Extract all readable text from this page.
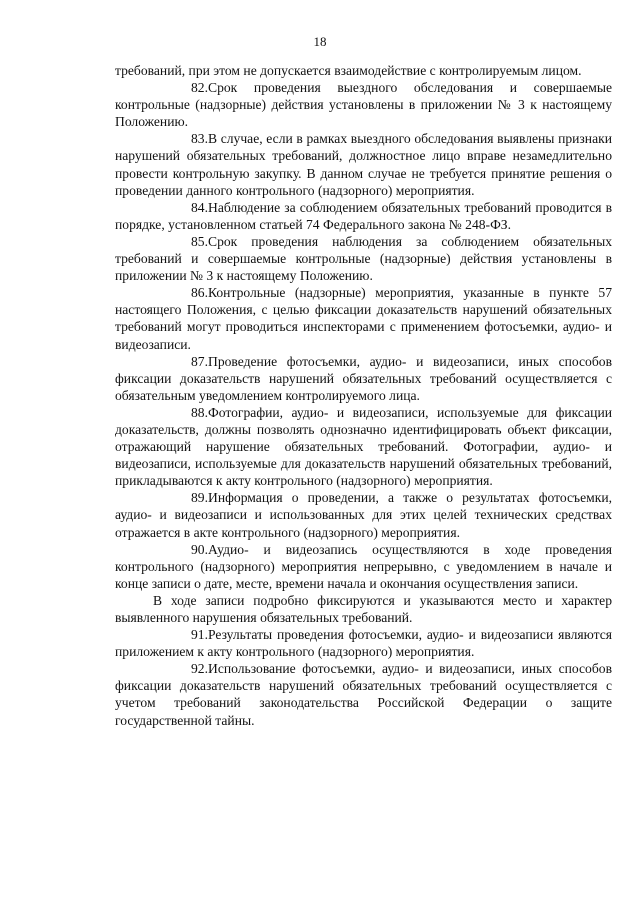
18

требований, при этом не допускается взаимодействие с контролируемым лицом.

82.Срок проведения выездного обследования и совершаемые контрольные (надзорные) действия установлены в приложении № 3 к настоящему Положению.

83.В случае, если в рамках выездного обследования выявлены признаки нарушений обязательных требований, должностное лицо вправе незамедлительно провести контрольную закупку. В данном случае не требуется принятие решения о проведении данного контрольного (надзорного) мероприятия.

84.Наблюдение за соблюдением обязательных требований проводится в порядке, установленном статьей 74 Федерального закона № 248-ФЗ.

85.Срок проведения наблюдения за соблюдением обязательных требований и совершаемые контрольные (надзорные) действия установлены в приложении № 3 к настоящему Положению.

86.Контрольные (надзорные) мероприятия, указанные в пункте 57 настоящего Положения, с целью фиксации доказательств нарушений обязательных требований могут проводиться инспекторами с применением фотосъемки, аудио- и видеозаписи.

87.Проведение фотосъемки, аудио- и видеозаписи, иных способов фиксации доказательств нарушений обязательных требований осуществляется с обязательным уведомлением контролируемого лица.

88.Фотографии, аудио- и видеозаписи, используемые для фиксации доказательств, должны позволять однозначно идентифицировать объект фиксации, отражающий нарушение обязательных требований. Фотографии, аудио- и видеозаписи, используемые для доказательств нарушений обязательных требований, прикладываются к акту контрольного (надзорного) мероприятия.

89.Информация о проведении, а также о результатах фотосъемки, аудио- и видеозаписи и использованных для этих целей технических средствах отражается в акте контрольного (надзорного) мероприятия.

90.Аудио- и видеозапись осуществляются в ходе проведения контрольного (надзорного) мероприятия непрерывно, с уведомлением в начале и конце записи о дате, месте, времени начала и окончания осуществления записи.

В ходе записи подробно фиксируются и указываются место и характер выявленного нарушения обязательных требований.

91.Результаты проведения фотосъемки, аудио- и видеозаписи являются приложением к акту контрольного (надзорного) мероприятия.

92.Использование фотосъемки, аудио- и видеозаписи, иных способов фиксации доказательств нарушений обязательных требований осуществляется с учетом требований законодательства Российской Федерации о защите государственной тайны.
